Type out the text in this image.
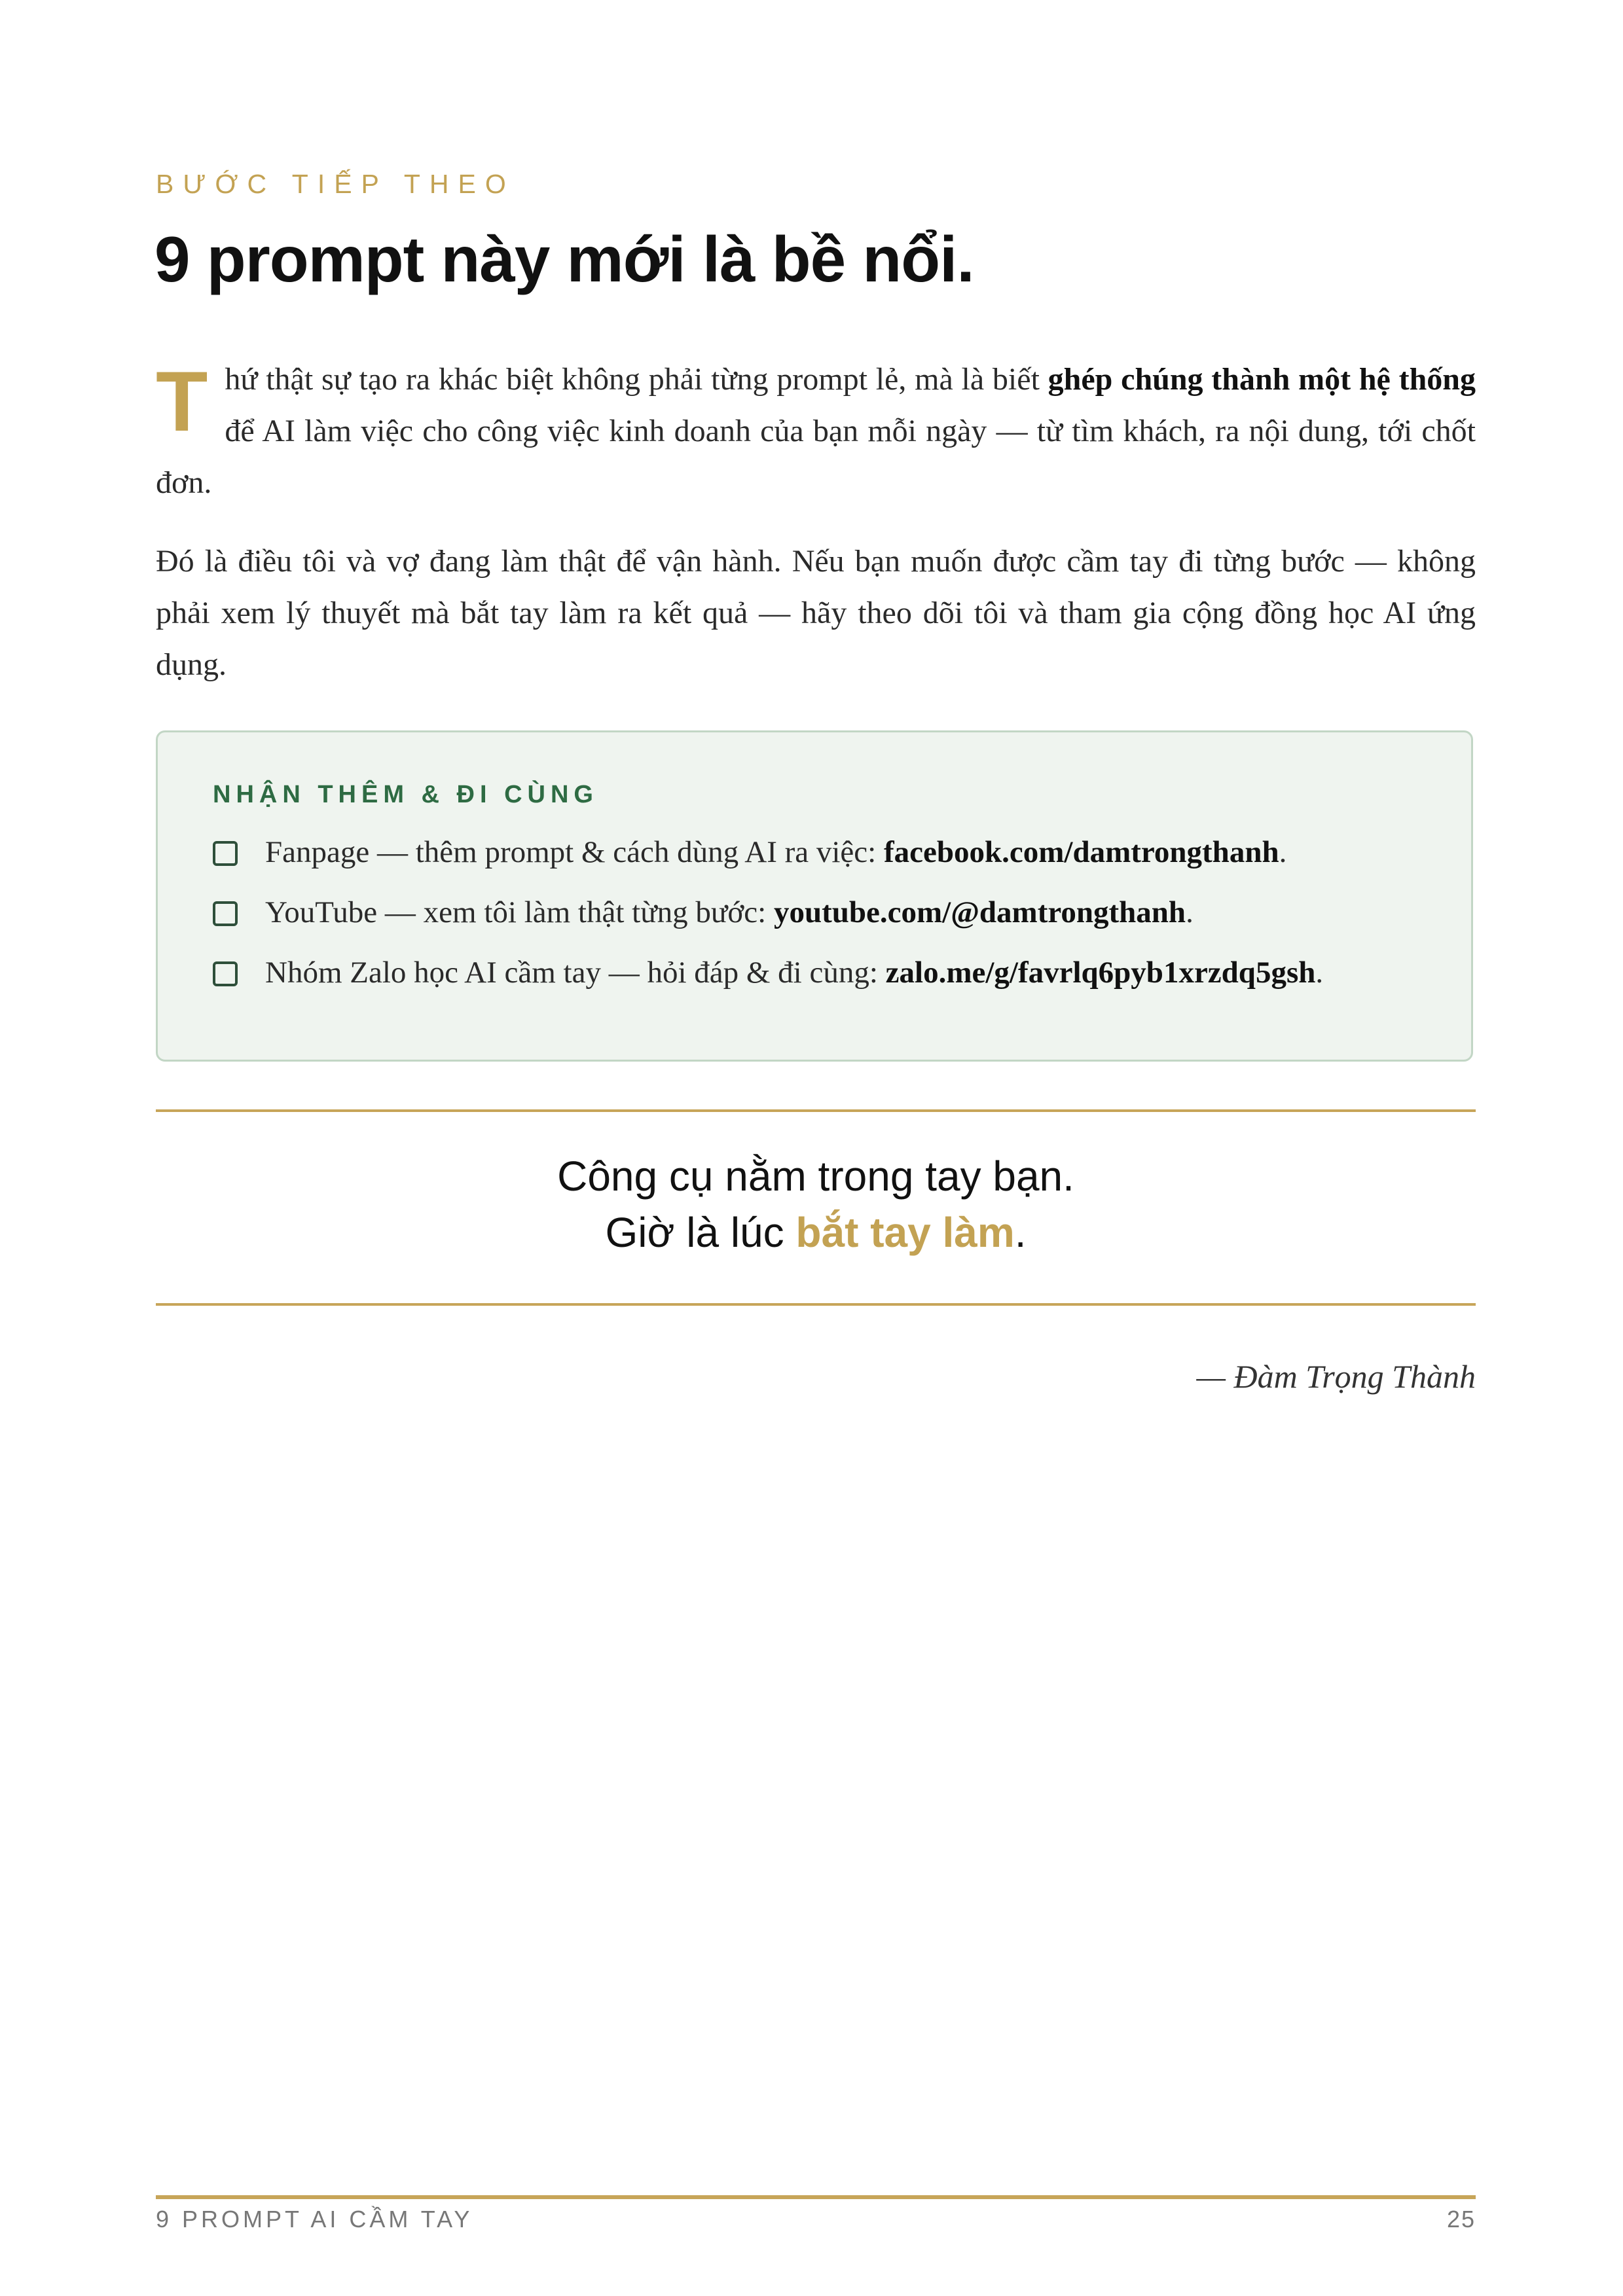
BƯỚC TIẾP THEO
9 prompt này mới là bề nổi.

Thứ thật sự tạo ra khác biệt không phải từng prompt lẻ, mà là biết ghép chúng thành một hệ thống để AI làm việc cho công việc kinh doanh của bạn mỗi ngày — từ tìm khách, ra nội dung, tới chốt đơn.

Đó là điều tôi và vợ đang làm thật để vận hành. Nếu bạn muốn được cầm tay đi từng bước — không phải xem lý thuyết mà bắt tay làm ra kết quả — hãy theo dõi tôi và tham gia cộng đồng học AI ứng dụng.

NHẬN THÊM & ĐI CÙNG
Fanpage — thêm prompt & cách dùng AI ra việc: facebook.com/damtrongthanh.
YouTube — xem tôi làm thật từng bước: youtube.com/@damtrongthanh.
Nhóm Zalo học AI cầm tay — hỏi đáp & đi cùng: zalo.me/g/favrlq6pyb1xrzdq5gsh.
Công cụ nằm trong tay bạn.
Giờ là lúc bắt tay làm.
— Đàm Trọng Thành
9 PROMPT AI CẦM TAY	25
